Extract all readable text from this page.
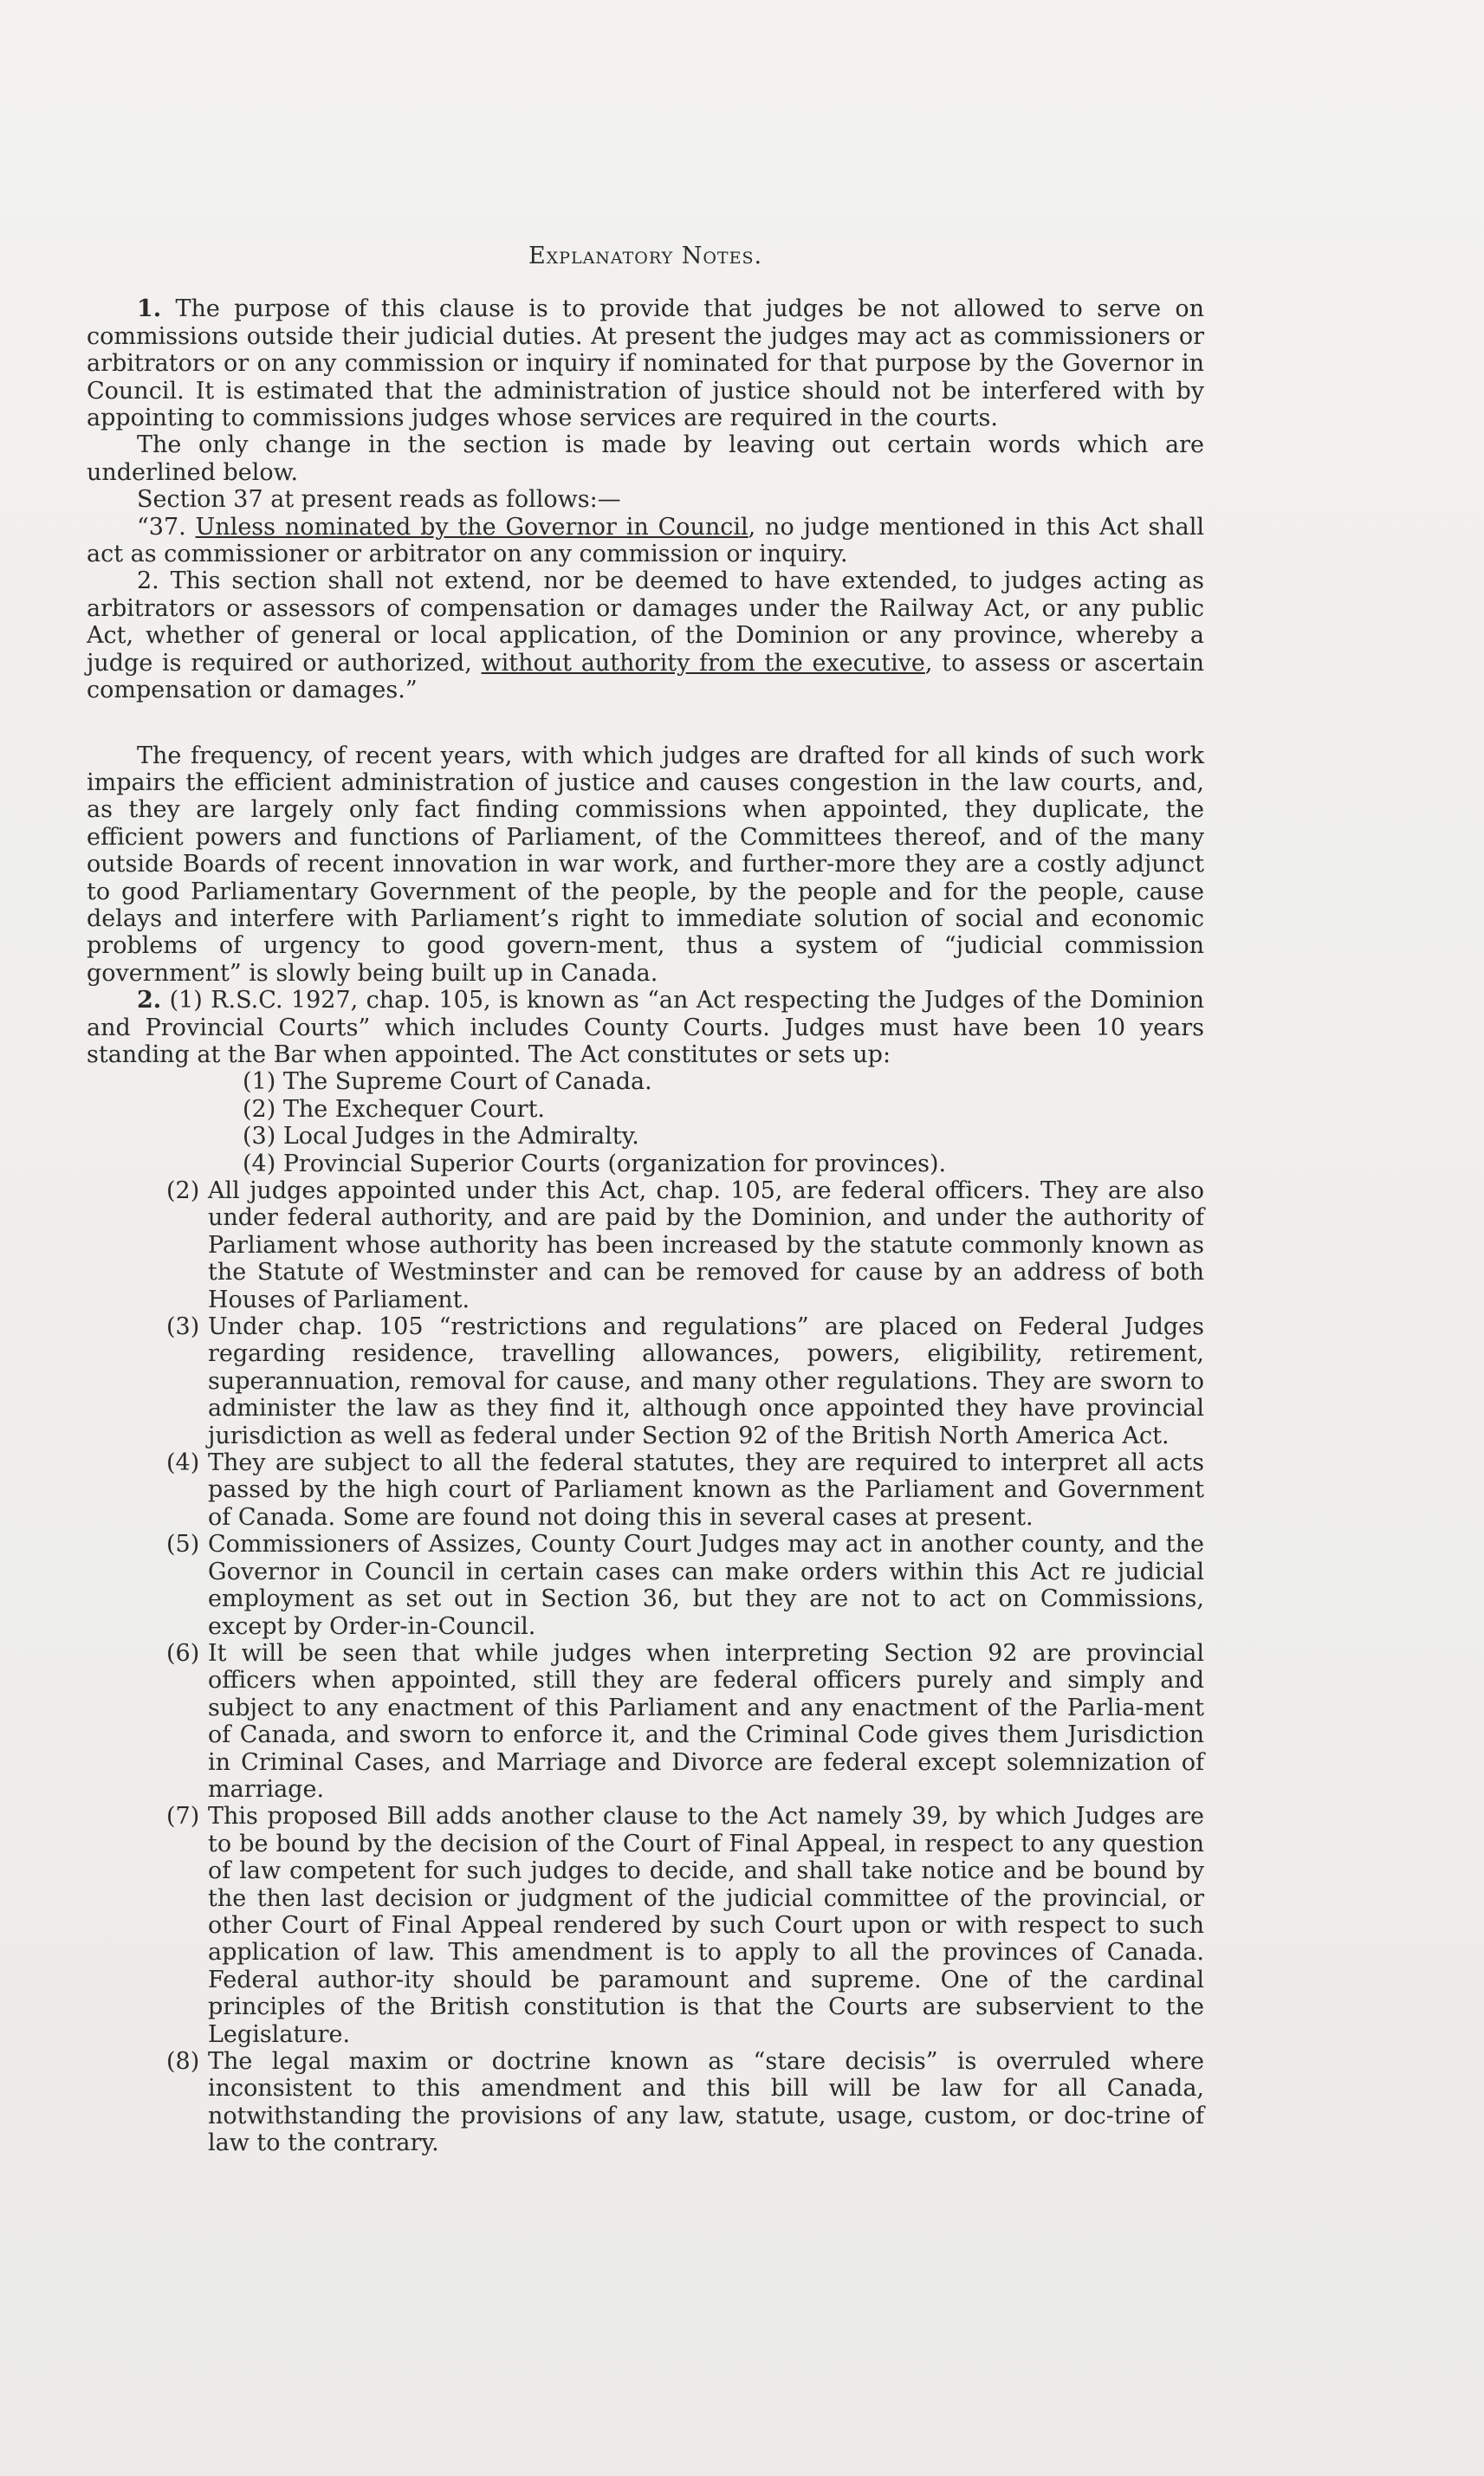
Explanatory Notes.

1. The purpose of this clause is to provide that judges be not allowed to serve on commissions outside their judicial duties. At present the judges may act as commissioners or arbitrators or on any commission or inquiry if nominated for that purpose by the Governor in Council. It is estimated that the administration of justice should not be interfered with by appointing to commissions judges whose services are required in the courts.

The only change in the section is made by leaving out certain words which are underlined below.

Section 37 at present reads as follows:—

“37. Unless nominated by the Governor in Council, no judge mentioned in this Act shall act as commissioner or arbitrator on any commission or inquiry.

2. This section shall not extend, nor be deemed to have extended, to judges acting as arbitrators or assessors of compensation or damages under the Railway Act, or any public Act, whether of general or local application, of the Dominion or any province, whereby a judge is required or authorized, without authority from the executive, to assess or ascertain compensation or damages.”

The frequency, of recent years, with which judges are drafted for all kinds of such work impairs the efficient administration of justice and causes congestion in the law courts, and, as they are largely only fact finding commissions when appointed, they duplicate, the efficient powers and functions of Parliament, of the Committees thereof, and of the many outside Boards of recent innovation in war work, and further-more they are a costly adjunct to good Parliamentary Government of the people, by the people and for the people, cause delays and interfere with Parliament’s right to immediate solution of social and economic problems of urgency to good govern-ment, thus a system of “judicial commission government” is slowly being built up in Canada.

2. (1) R.S.C. 1927, chap. 105, is known as “an Act respecting the Judges of the Dominion and Provincial Courts” which includes County Courts. Judges must have been 10 years standing at the Bar when appointed. The Act constitutes or sets up:

(1) The Supreme Court of Canada.
(2) The Exchequer Court.
(3) Local Judges in the Admiralty.
(4) Provincial Superior Courts (organization for provinces).
(2) All judges appointed under this Act, chap. 105, are federal officers. They are also under federal authority, and are paid by the Dominion, and under the authority of Parliament whose authority has been increased by the statute commonly known as the Statute of Westminster and can be removed for cause by an address of both Houses of Parliament.
(3) Under chap. 105 “restrictions and regulations” are placed on Federal Judges regarding residence, travelling allowances, powers, eligibility, retirement, superannuation, removal for cause, and many other regulations. They are sworn to administer the law as they find it, although once appointed they have provincial jurisdiction as well as federal under Section 92 of the British North America Act.
(4) They are subject to all the federal statutes, they are required to interpret all acts passed by the high court of Parliament known as the Parliament and Government of Canada. Some are found not doing this in several cases at present.
(5) Commissioners of Assizes, County Court Judges may act in another county, and the Governor in Council in certain cases can make orders within this Act re judicial employment as set out in Section 36, but they are not to act on Commissions, except by Order-in-Council.
(6) It will be seen that while judges when interpreting Section 92 are provincial officers when appointed, still they are federal officers purely and simply and subject to any enactment of this Parliament and any enactment of the Parlia-ment of Canada, and sworn to enforce it, and the Criminal Code gives them Jurisdiction in Criminal Cases, and Marriage and Divorce are federal except solemnization of marriage.
(7) This proposed Bill adds another clause to the Act namely 39, by which Judges are to be bound by the decision of the Court of Final Appeal, in respect to any question of law competent for such judges to decide, and shall take notice and be bound by the then last decision or judgment of the judicial committee of the provincial, or other Court of Final Appeal rendered by such Court upon or with respect to such application of law. This amendment is to apply to all the provinces of Canada. Federal author-ity should be paramount and supreme. One of the cardinal principles of the British constitution is that the Courts are subservient to the Legislature.
(8) The legal maxim or doctrine known as “stare decisis” is overruled where inconsistent to this amendment and this bill will be law for all Canada, notwithstanding the provisions of any law, statute, usage, custom, or doc-trine of law to the contrary.
